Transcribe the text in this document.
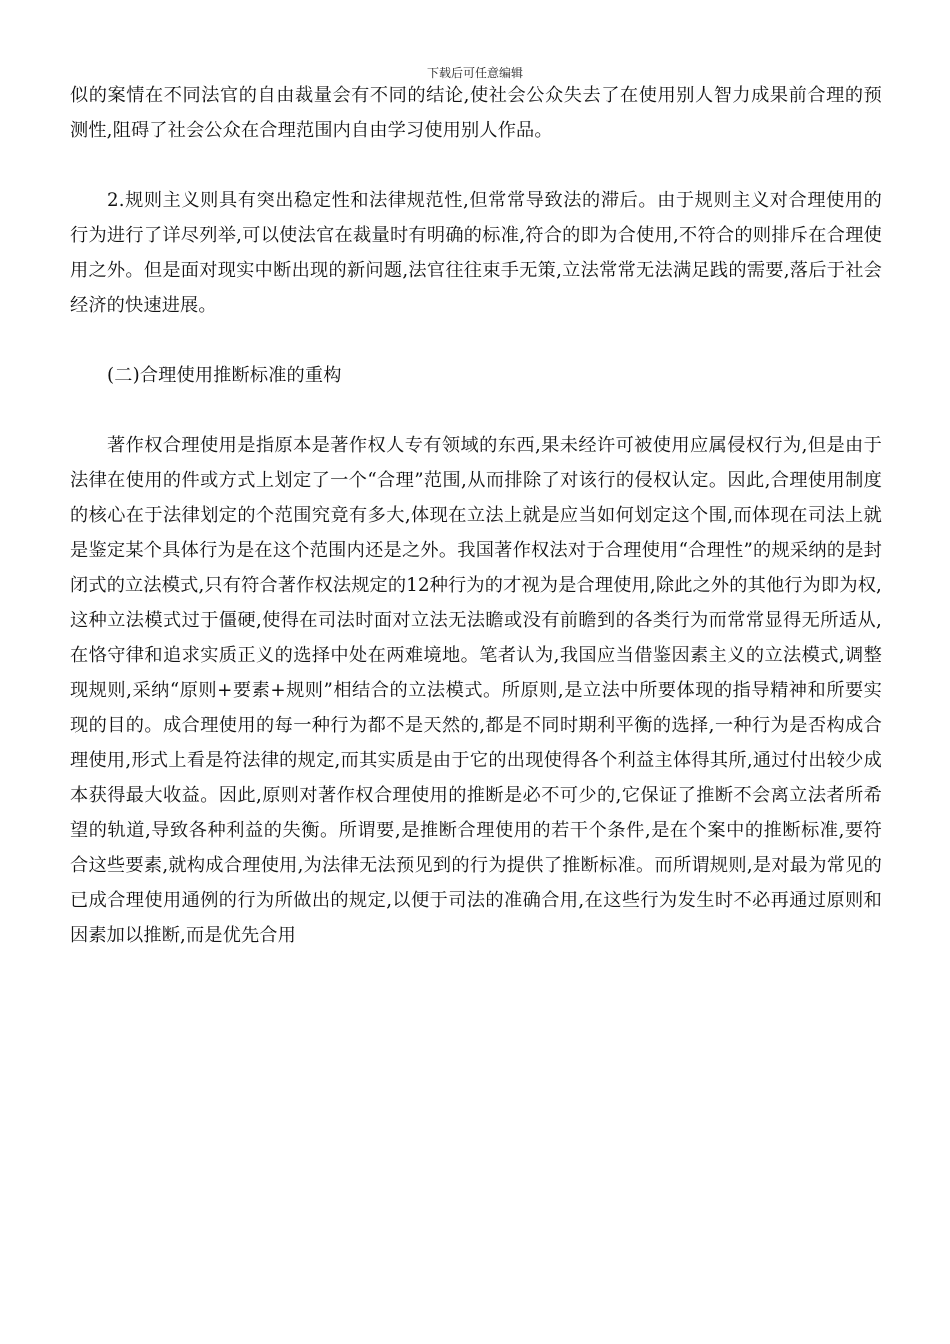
下载后可任意编辑

似的案情在不同法官的自由裁量会有不同的结论,使社会公众失去了在使用别人智力成果前合理的预测性,阻碍了社会公众在合理范围内自由学习使用别人作品。

2.规则主义则具有突出稳定性和法律规范性,但常常导致法的滞后。由于规则主义对合理使用的行为进行了详尽列举,可以使法官在裁量时有明确的标准,符合的即为合使用,不符合的则排斥在合理使用之外。但是面对现实中断出现的新问题,法官往往束手无策,立法常常无法满足践的需要,落后于社会经济的快速进展。

(二)合理使用推断标准的重构

著作权合理使用是指原本是著作权人专有领域的东西,果未经许可被使用应属侵权行为,但是由于法律在使用的件或方式上划定了一个“合理”范围,从而排除了对该行的侵权认定。因此,合理使用制度的核心在于法律划定的个范围究竟有多大,体现在立法上就是应当如何划定这个围,而体现在司法上就是鉴定某个具体行为是在这个范围内还是之外。我国著作权法对于合理使用“合理性”的规采纳的是封闭式的立法模式,只有符合著作权法规定的12种行为的才视为是合理使用,除此之外的其他行为即为权,这种立法模式过于僵硬,使得在司法时面对立法无法瞻或没有前瞻到的各类行为而常常显得无所适从,在恪守律和追求实质正义的选择中处在两难境地。笔者认为,我国应当借鉴因素主义的立法模式,调整现规则,采纳“原则+要素+规则”相结合的立法模式。所原则,是立法中所要体现的指导精神和所要实现的目的。成合理使用的每一种行为都不是天然的,都是不同时期利平衡的选择,一种行为是否构成合理使用,形式上看是符法律的规定,而其实质是由于它的出现使得各个利益主体得其所,通过付出较少成本获得最大收益。因此,原则对著作权合理使用的推断是必不可少的,它保证了推断不会离立法者所希望的轨道,导致各种利益的失衡。所谓要,是推断合理使用的若干个条件,是在个案中的推断标准,要符合这些要素,就构成合理使用,为法律无法预见到的行为提供了推断标准。而所谓规则,是对最为常见的已成合理使用通例的行为所做出的规定,以便于司法的准确合用,在这些行为发生时不必再通过原则和因素加以推断,而是优先合用
